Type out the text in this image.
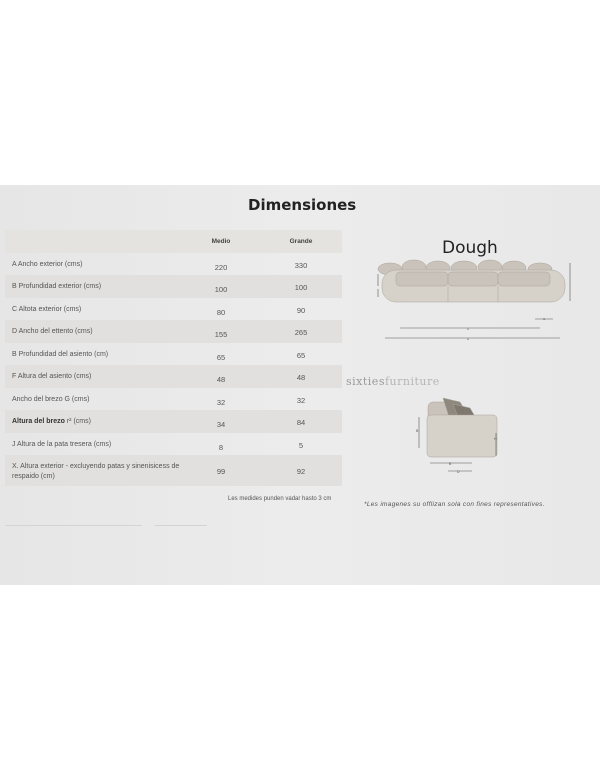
Dimensiones
Medio	Grande
A Ancho exterior (cms)	220	330
B Profundidad exterior (cms)	100	100
C Altota exterior (cms)	80	90
D Ancho del ettento (cms)	155	265
B Profundidad del asiento (cm)	65	65
F Altura del asiento (cms)	48	48
Ancho del brezo G (cms)	32	32
Altura del brezo r² (cms)	34	84
J Altura de la pata tresera (cms)	8	5
X. Altura exterior - excluyendo patas y sinenisicess de respaido (cm)
99	92
sixtiesfurniture
Les medides punden vadar hasto 3 cm
Dough
C
A
G
B
H
B
D
*Les imagenes su offlizan sola con fines representatives.
